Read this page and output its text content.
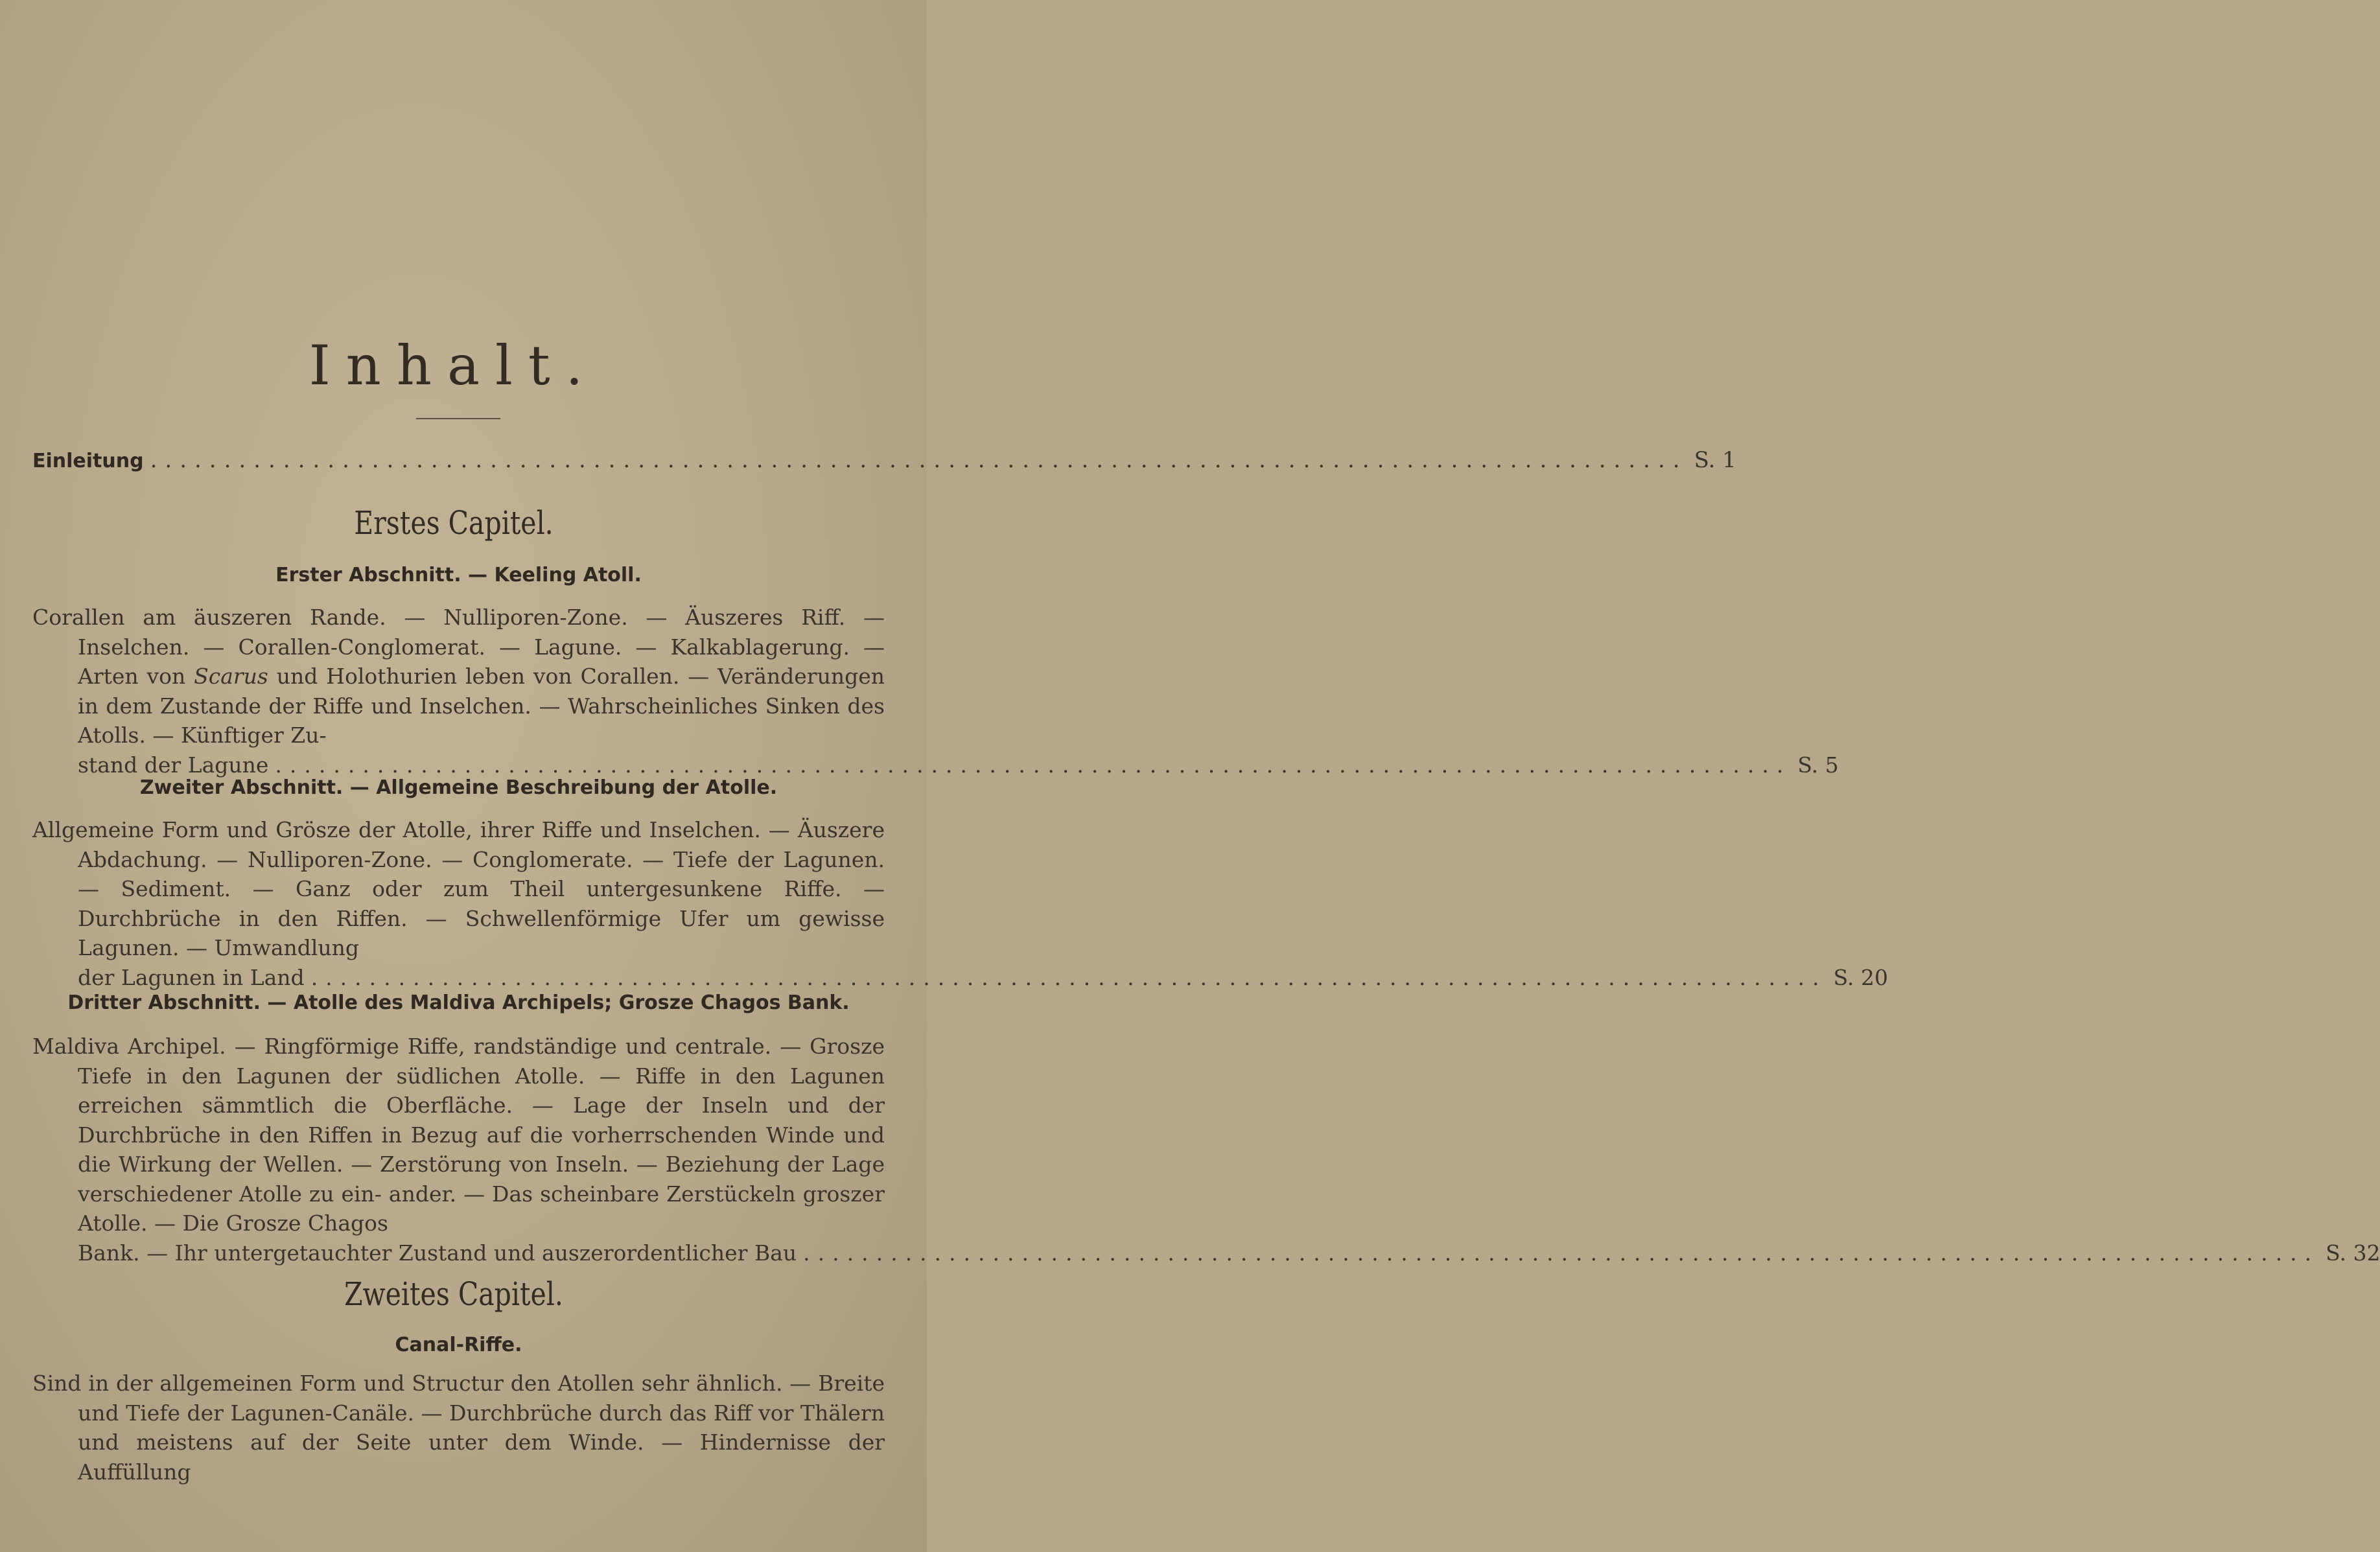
Inhalt.
Einleitung ........................................................................................................ S. 1
Erstes Capitel.
Erster Abschnitt. — Keeling Atoll.
Corallen am äuszeren Rande. — Nulliporen-Zone. — Äuszeres Riff. — Inselchen. — Corallen-Conglomerat. — Lagune. — Kalkablagerung. — Arten von Scarus und Holothurien leben von Corallen. — Veränderungen in dem Zustande der Riffe und Inselchen. — Wahrscheinliches Sinken des Atolls. — Künftiger Zu-
stand der Lagune ........................................................................................................ S. 5
Zweiter Abschnitt. — Allgemeine Beschreibung der Atolle.
Allgemeine Form und Grösze der Atolle, ihrer Riffe und Inselchen. — Äuszere Abdachung. — Nulliporen-Zone. — Conglomerate. — Tiefe der Lagunen. — Sediment. — Ganz oder zum Theil untergesunkene Riffe. — Durchbrüche in den Riffen. — Schwellenförmige Ufer um gewisse Lagunen. — Umwandlung
der Lagunen in Land ........................................................................................................ S. 20
Dritter Abschnitt. — Atolle des Maldiva Archipels; Grosze Chagos Bank.
Maldiva Archipel. — Ringförmige Riffe, randständige und centrale. — Grosze Tiefe in den Lagunen der südlichen Atolle. — Riffe in den Lagunen erreichen sämmtlich die Oberfläche. — Lage der Inseln und der Durchbrüche in den Riffen in Bezug auf die vorherrschenden Winde und die Wirkung der Wellen. — Zerstörung von Inseln. — Beziehung der Lage verschiedener Atolle zu ein- ander. — Das scheinbare Zerstückeln groszer Atolle. — Die Grosze Chagos
Bank. — Ihr untergetauchter Zustand und auszerordentlicher Bau ........................................................................................................ S. 32
Zweites Capitel.
Canal-Riffe.
Sind in der allgemeinen Form und Structur den Atollen sehr ähnlich. — Breite und Tiefe der Lagunen-Canäle. — Durchbrüche durch das Riff vor Thälern und meistens auf der Seite unter dem Winde. — Hindernisse der Auffüllung
